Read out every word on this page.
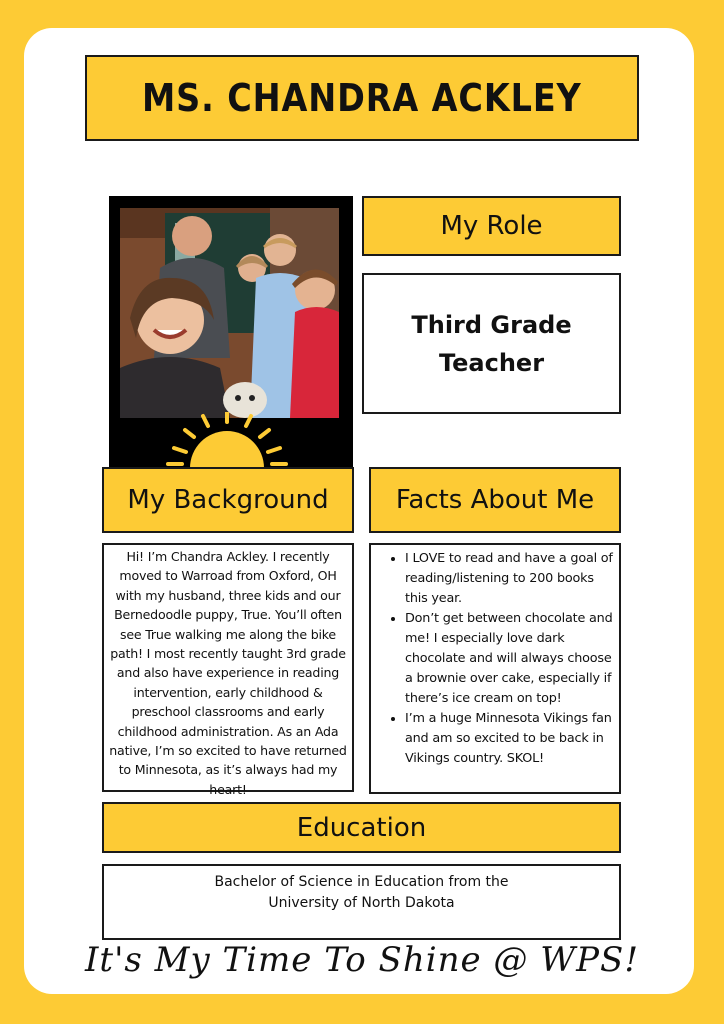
MS. CHANDRA ACKLEY
My Role
Third Grade Teacher
My Background	Facts About Me
Hi! I’m Chandra Ackley. I recently moved to Warroad from Oxford, OH with my husband, three kids and our Bernedoodle puppy, True. You’ll often see True walking me along the bike path! I most recently taught 3rd grade and also have experience in reading intervention, early childhood & preschool classrooms and early childhood administration. As an Ada native, I’m so excited to have returned to Minnesota, as it’s always had my heart!
• I LOVE to read and have a goal of reading/listening to 200 books this year.
• Don’t get between chocolate and me! I especially love dark chocolate and will always choose a brownie over cake, especially if there’s ice cream on top!
• I’m a huge Minnesota Vikings fan and am so excited to be back in Vikings country. SKOL!
Education
Bachelor of Science in Education from the University of North Dakota
It's My Time To Shine @ WPS!
